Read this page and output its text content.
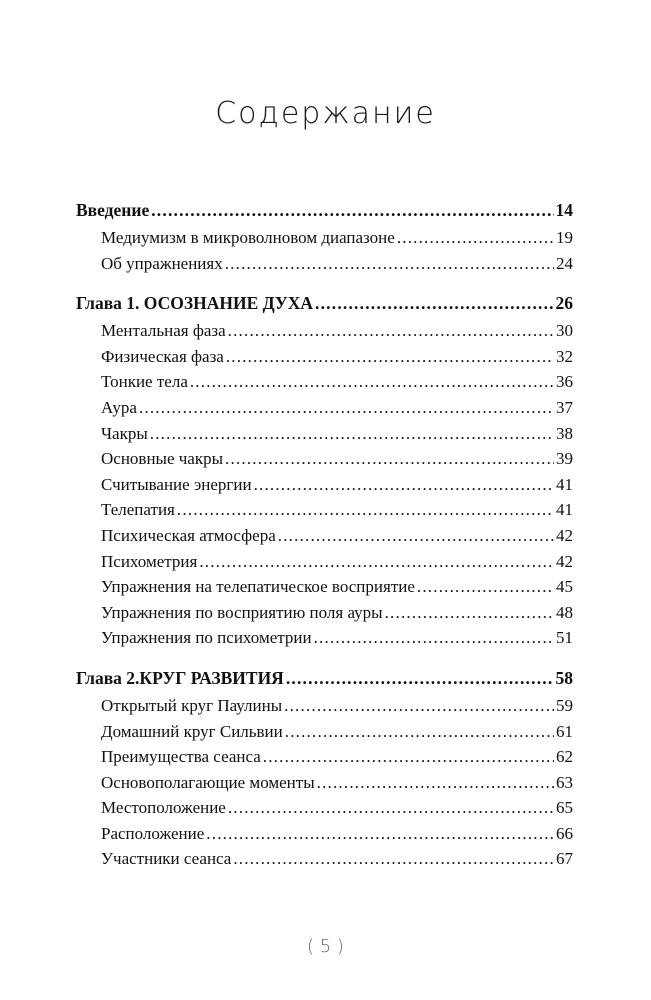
Содержание
Введение .....	14
Медиумизм в микроволновом диапазоне .....	19
Об упражнениях .....	24
Глава 1. ОСОЗНАНИЕ ДУХА .....	26
Ментальная фаза .....	30
Физическая фаза .....	32
Тонкие тела .....	36
Аура .....	37
Чакры .....	38
Основные чакры .....	39
Считывание энергии .....	41
Телепатия .....	41
Психическая атмосфера .....	42
Психометрия .....	42
Упражнения на телепатическое восприятие .....	45
Упражнения по восприятию поля ауры .....	48
Упражнения по психометрии .....	51
Глава 2.КРУГ РАЗВИТИЯ .....	58
Открытый круг Паулины .....	59
Домашний круг Сильвии .....	61
Преимущества сеанса .....	62
Основополагающие моменты .....	63
Местоположение .....	65
Расположение .....	66
Участники сеанса .....	67
( 5 )
